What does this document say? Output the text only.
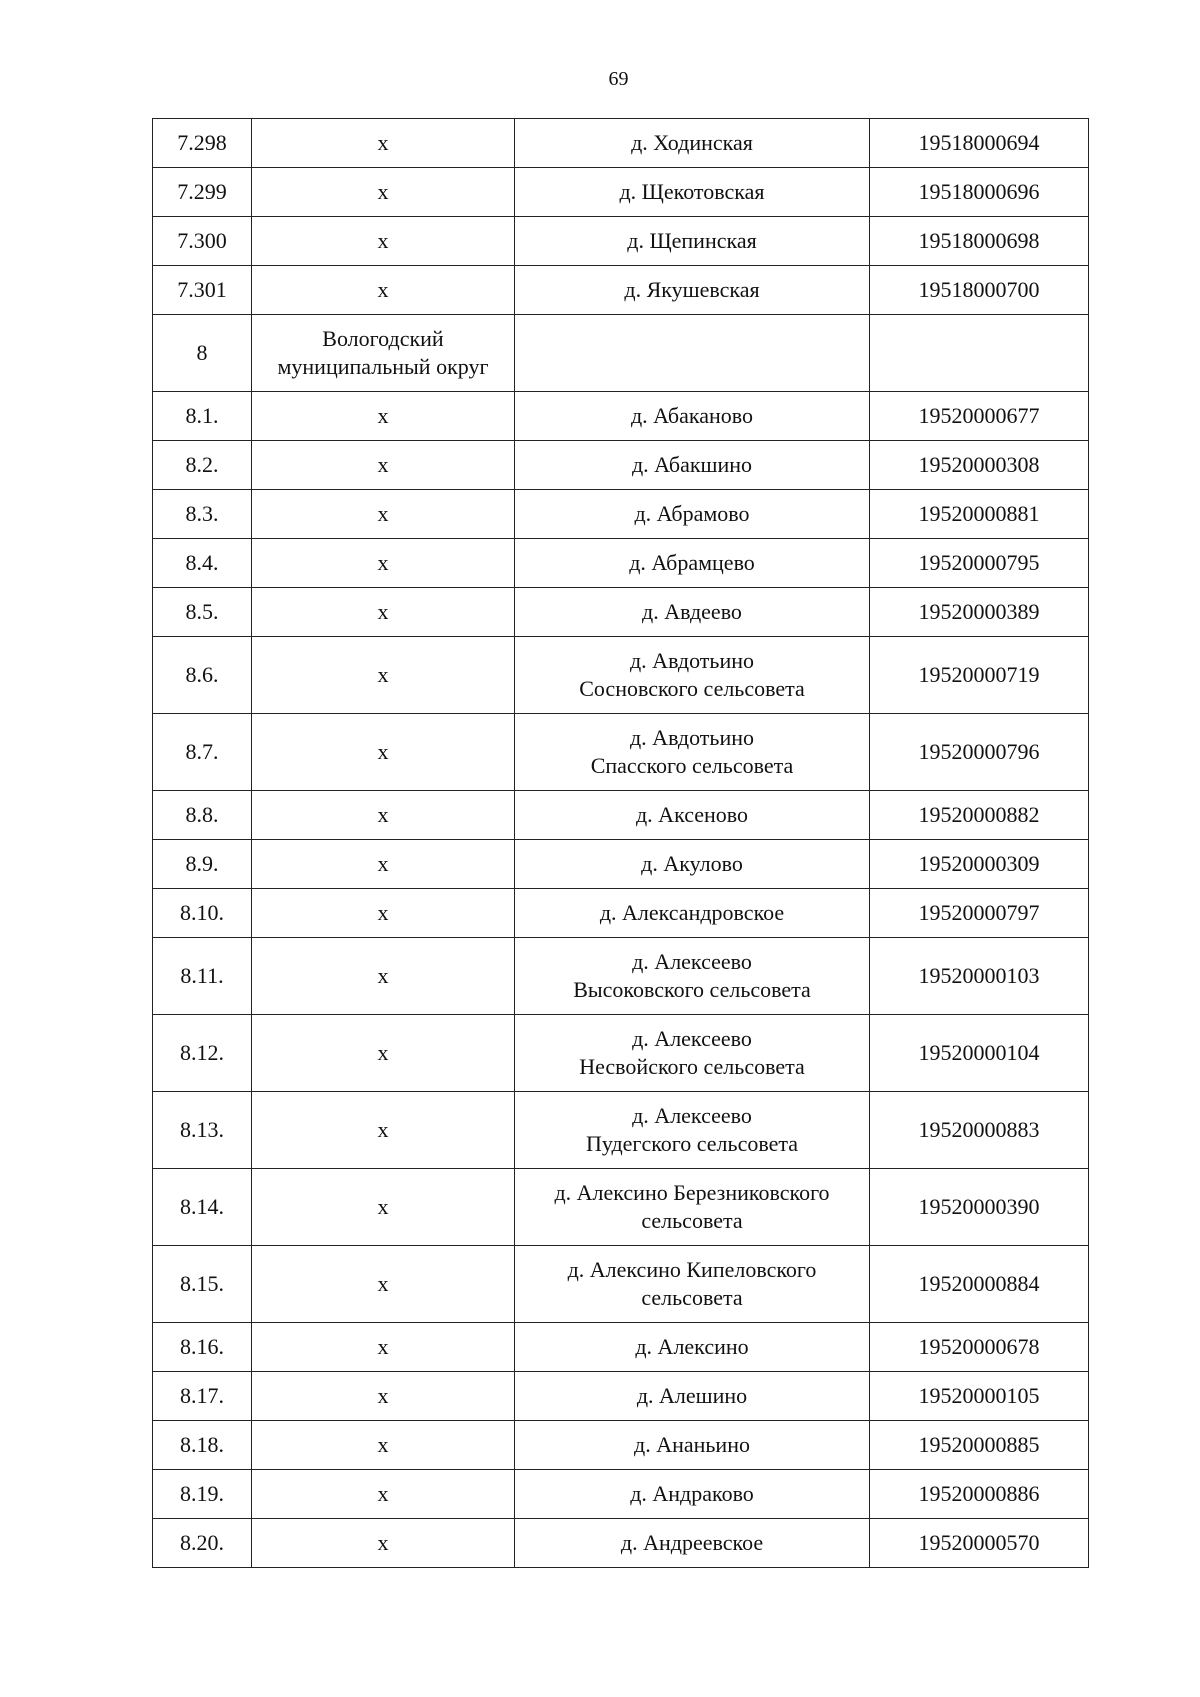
69
7.298	х	д. Ходинская	19518000694
7.299	х	д. Щекотовская	19518000696
7.300	х	д. Щепинская	19518000698
7.301	х	д. Якушевская	19518000700
8	Вологодский
муниципальный округ		

8.1.	х	д. Абаканово	19520000677
8.2.	х	д. Абакшино	19520000308
8.3.	х	д. Абрамово	19520000881
8.4.	х	д. Абрамцево	19520000795
8.5.	х	д. Авдеево	19520000389
8.6.	х	д. Авдотьино
Сосновского сельсовета	19520000719
8.7.	х	д. Авдотьино
Спасского сельсовета	19520000796
8.8.	х	д. Аксеново	19520000882
8.9.	х	д. Акулово	19520000309
8.10.	х	д. Александровское	19520000797
8.11.	х	д. Алексеево
Высоковского сельсовета	19520000103
8.12.	х	д. Алексеево
Несвойского сельсовета	19520000104
8.13.	х	д. Алексеево
Пудегского сельсовета	19520000883
8.14.	х	д. Алексино Березниковского
сельсовета	19520000390
8.15.	х	д. Алексино Кипеловского
сельсовета	19520000884
8.16.	х	д. Алексино	19520000678
8.17.	х	д. Алешино	19520000105
8.18.	х	д. Ананьино	19520000885
8.19.	х	д. Андраково	19520000886
8.20.	х	д. Андреевское	19520000570
